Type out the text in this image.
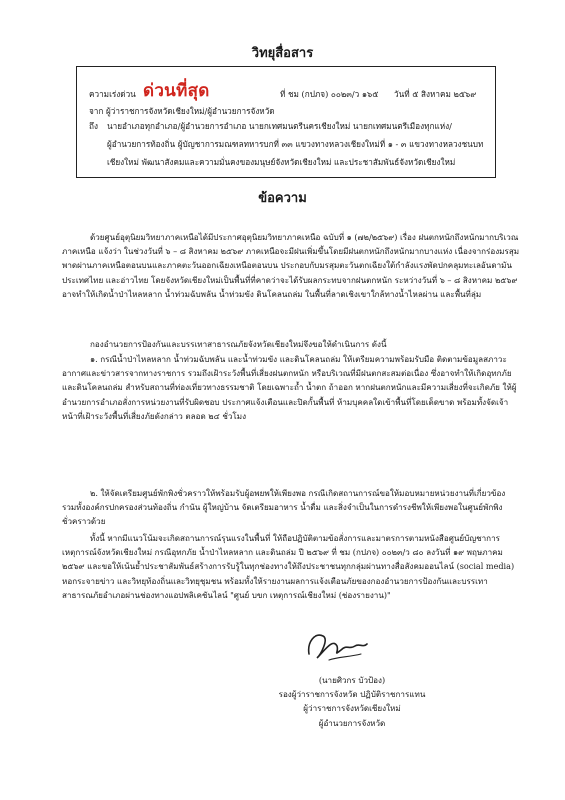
วิทยุสื่อสาร
ความเร่งด่วน ด่วนที่สุด	ที่ ชม (กปภจ) ๐๐๒๓/ว ๑๖๕ วันที่ ๕ สิงหาคม ๒๕๖๙
จาก ผู้ว่าราชการจังหวัดเชียงใหม่/ผู้อำนวยการจังหวัด
ถึง นายอำเภอทุกอำเภอ/ผู้อำนวยการอำเภอ นายกเทศมนตรีนครเชียงใหม่ นายกเทศมนตรีเมืองทุกแห่ง/
ผู้อำนวยการท้องถิ่น ผู้บัญชาการมณฑลทหารบกที่ ๓๓ แขวงทางหลวงเชียงใหม่ที่ ๑ - ๓ แขวงทางหลวงชนบท
เชียงใหม่ พัฒนาสังคมและความมั่นคงของมนุษย์จังหวัดเชียงใหม่ และประชาสัมพันธ์จังหวัดเชียงใหม่
ข้อความ

ด้วยศูนย์อุตุนิยมวิทยาภาคเหนือได้มีประกาศอุตุนิยมวิทยาภาคเหนือ ฉบับที่ ๑ (๗๒/๒๕๖๙) เรื่อง ฝนตกหนักถึงหนักมากบริเวณภาคเหนือ แจ้งว่า ในช่วงวันที่ ๖ – ๘ สิงหาคม ๒๕๖๙ ภาคเหนือจะมีฝนเพิ่มขึ้นโดยมีฝนตกหนักถึงหนักมากบางแห่ง เนื่องจากร่องมรสุมพาดผ่านภาคเหนือตอนบนและภาคตะวันออกเฉียงเหนือตอนบน ประกอบกับมรสุมตะวันตกเฉียงใต้กำลังแรงพัดปกคลุมทะเลอันดามัน ประเทศไทย และอ่าวไทย โดยจังหวัดเชียงใหม่เป็นพื้นที่ที่คาดว่าจะได้รับผลกระทบจากฝนตกหนัก ระหว่างวันที่ ๖ – ๘ สิงหาคม ๒๕๖๙ อาจทำให้เกิดน้ำป่าไหลหลาก น้ำท่วมฉับพลัน น้ำท่วมขัง ดินโคลนถล่ม ในพื้นที่ลาดเชิงเขาใกล้ทางน้ำไหลผ่าน และพื้นที่ลุ่ม

กองอำนวยการป้องกันและบรรเทาสาธารณภัยจังหวัดเชียงใหม่จึงขอให้ดำเนินการ ดังนี้

๑. กรณีน้ำป่าไหลหลาก น้ำท่วมฉับพลัน และน้ำท่วมขัง และดินโคลนถล่ม ให้เตรียมความพร้อมรับมือ ติดตามข้อมูลสภาวะอากาศและข่าวสารจากทางราชการ รวมถึงเฝ้าระวังพื้นที่เสี่ยงฝนตกหนัก หรือบริเวณที่มีฝนตกสะสมต่อเนื่อง ซึ่งอาจทำให้เกิดอุทกภัยและดินโคลนถล่ม สำหรับสถานที่ท่องเที่ยวทางธรรมชาติ โดยเฉพาะถ้ำ น้ำตก ถ้าออก หากฝนตกหนักและมีความเสี่ยงที่จะเกิดภัย ให้ผู้อำนวยการอำเภอสั่งการหน่วยงานที่รับผิดชอบ ประกาศแจ้งเตือนและปิดกั้นพื้นที่ ห้ามบุคคลใดเข้าพื้นที่โดยเด็ดขาด พร้อมทั้งจัดเจ้าหน้าที่เฝ้าระวังพื้นที่เสี่ยงภัยดังกล่าว ตลอด ๒๔ ชั่วโมง

๒. ให้จัดเตรียมศูนย์พักพิงชั่วคราวให้พร้อมรับผู้อพยพให้เพียงพอ กรณีเกิดสถานการณ์ขอให้มอบหมายหน่วยงานที่เกี่ยวข้อง รวมทั้งองค์กรปกครองส่วนท้องถิ่น กำนัน ผู้ใหญ่บ้าน จัดเตรียมอาหาร น้ำดื่ม และสิ่งจำเป็นในการดำรงชีพให้เพียงพอในศูนย์พักพิงชั่วคราวด้วย

ทั้งนี้ หากมีแนวโน้มจะเกิดสถานการณ์รุนแรงในพื้นที่ ให้ถือปฏิบัติตามข้อสั่งการและมาตรการตามหนังสือศูนย์บัญชาการเหตุการณ์จังหวัดเชียงใหม่ กรณีอุทกภัย น้ำป่าไหลหลาก และดินถล่ม ปี ๒๕๖๙ ที่ ชม (กปภจ) ๐๐๒๓/ว ๘๐ ลงวันที่ ๑๙ พฤษภาคม ๒๕๖๙ และขอให้เน้นย้ำประชาสัมพันธ์สร้างการรับรู้ในทุกช่องทางให้ถึงประชาชนทุกกลุ่มผ่านทางสื่อสังคมออนไลน์ (social media) หอกระจายข่าว และวิทยุท้องถิ่นและวิทยุชุมชน พร้อมทั้งให้รายงานผลการแจ้งเตือนภัยของกองอำนวยการป้องกันและบรรเทาสาธารณภัยอำเภอผ่านช่องทางแอปพลิเคชันไลน์ "ศูนย์ บขก เหตุการณ์เชียงใหม่ (ช่องรายงาน)"

(นายศิวกร บัวป้อง)
รองผู้ว่าราชการจังหวัด ปฏิบัติราชการแทน
ผู้ว่าราชการจังหวัดเชียงใหม่
ผู้อำนวยการจังหวัด
